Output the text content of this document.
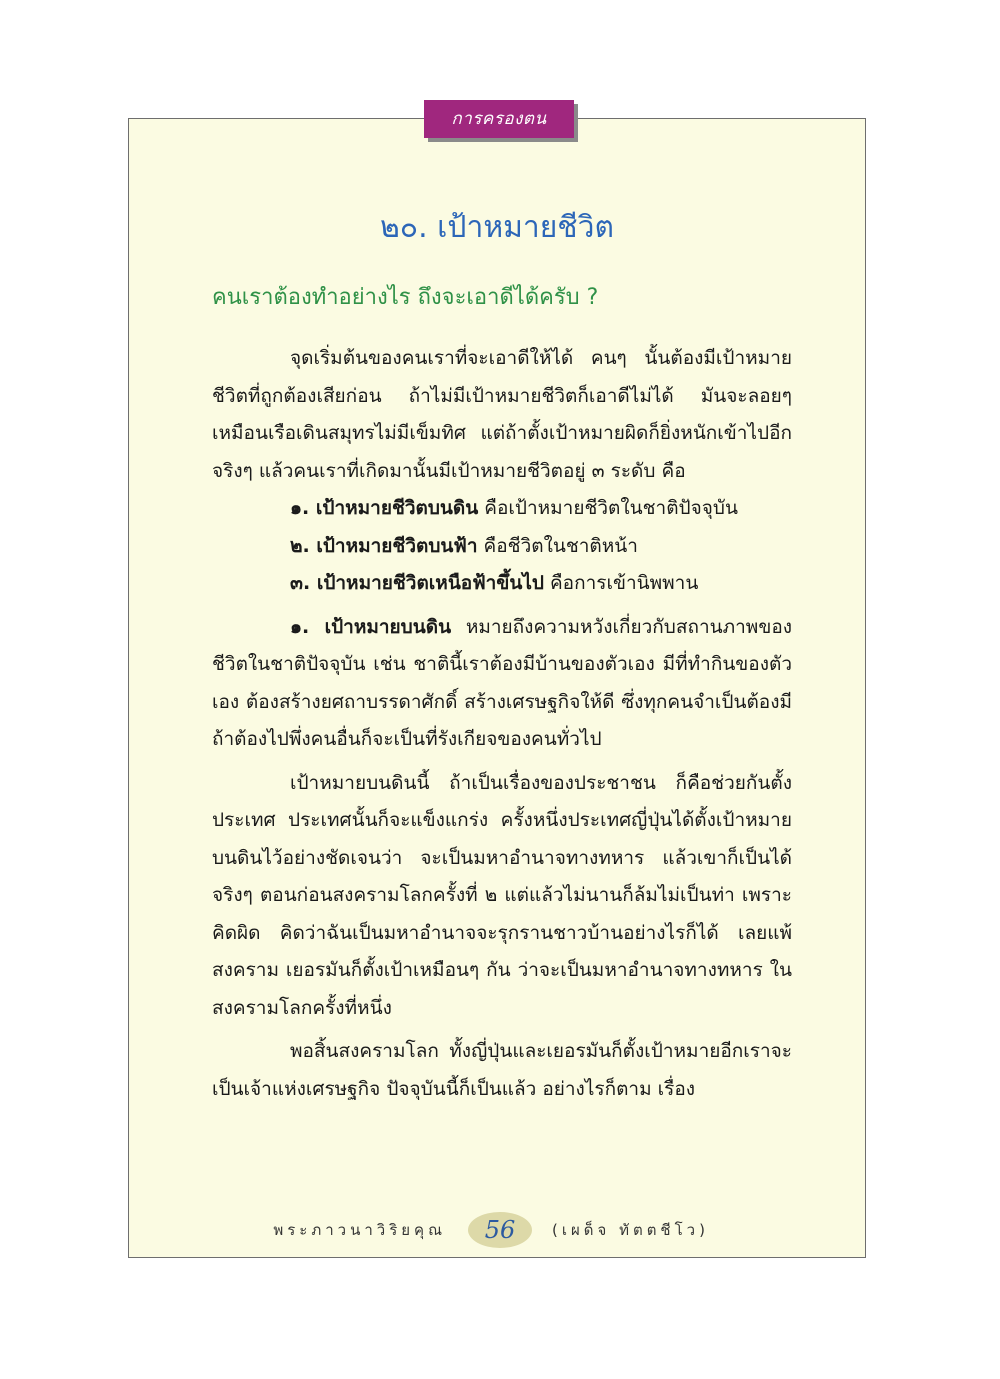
การครองตน
๒๐. เป้าหมายชีวิต
คนเราต้องทำอย่างไร ถึงจะเอาดีได้ครับ ?

จุดเริ่มต้นของคนเราที่จะเอาดีให้ได้ คนๆ นั้นต้องมีเป้าหมายชีวิตที่ถูกต้องเสียก่อน ถ้าไม่มีเป้าหมายชีวิตก็เอาดีไม่ได้ มันจะลอยๆ เหมือนเรือเดินสมุทรไม่มีเข็มทิศ แต่ถ้าตั้งเป้าหมายผิดก็ยิ่งหนักเข้าไปอีกจริงๆ แล้วคนเราที่เกิดมานั้นมีเป้าหมายชีวิตอยู่ ๓ ระดับ คือ

๑. เป้าหมายชีวิตบนดิน คือเป้าหมายชีวิตในชาติปัจจุบัน

๒. เป้าหมายชีวิตบนฟ้า คือชีวิตในชาติหน้า

๓. เป้าหมายชีวิตเหนือฟ้าขึ้นไป คือการเข้านิพพาน

๑. เป้าหมายบนดิน หมายถึงความหวังเกี่ยวกับสถานภาพของชีวิตในชาติปัจจุบัน เช่น ชาตินี้เราต้องมีบ้านของตัวเอง มีที่ทำกินของตัวเอง ต้องสร้างยศถาบรรดาศักดิ์ สร้างเศรษฐกิจให้ดี ซึ่งทุกคนจำเป็นต้องมี ถ้าต้องไปพึ่งคนอื่นก็จะเป็นที่รังเกียจของคนทั่วไป

เป้าหมายบนดินนี้ ถ้าเป็นเรื่องของประชาชน ก็คือช่วยกันตั้งประเทศ ประเทศนั้นก็จะแข็งแกร่ง ครั้งหนึ่งประเทศญี่ปุ่นได้ตั้งเป้าหมายบนดินไว้อย่างชัดเจนว่า จะเป็นมหาอำนาจทางทหาร แล้วเขาก็เป็นได้จริงๆ ตอนก่อนสงครามโลกครั้งที่ ๒ แต่แล้วไม่นานก็ล้มไม่เป็นท่า เพราะคิดผิด คิดว่าฉันเป็นมหาอำนาจจะรุกรานชาวบ้านอย่างไรก็ได้ เลยแพ้สงคราม เยอรมันก็ตั้งเป้าเหมือนๆ กัน ว่าจะเป็นมหาอำนาจทางทหาร ในสงครามโลกครั้งที่หนึ่ง

พอสิ้นสงครามโลก ทั้งญี่ปุ่นและเยอรมันก็ตั้งเป้าหมายอีกเราจะเป็นเจ้าแห่งเศรษฐกิจ ปัจจุบันนี้ก็เป็นแล้ว อย่างไรก็ตาม เรื่อง

พระภาวนาวิริยคุณ	56	(เผด็จ ทัตตชีโว)
